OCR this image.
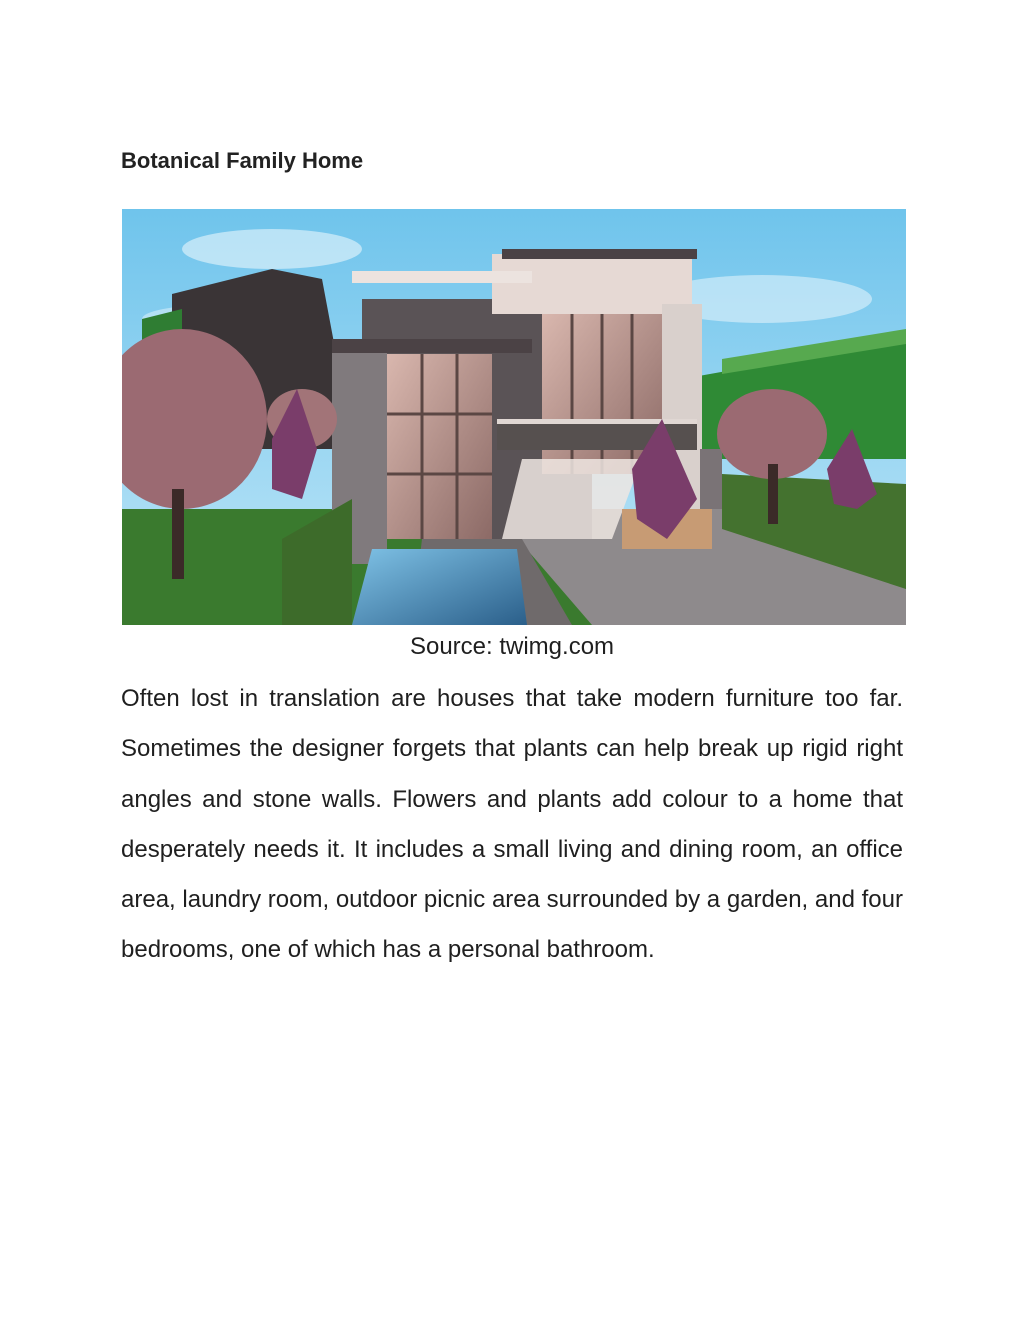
Botanical Family Home
Source: twimg.com

Often lost in translation are houses that take modern furniture too far. Sometimes the designer forgets that plants can help break up rigid right angles and stone walls. Flowers and plants add colour to a home that desperately needs it. It includes a small living and dining room, an office area, laundry room, outdoor picnic area surrounded by a garden, and four bedrooms, one of which has a personal bathroom.
